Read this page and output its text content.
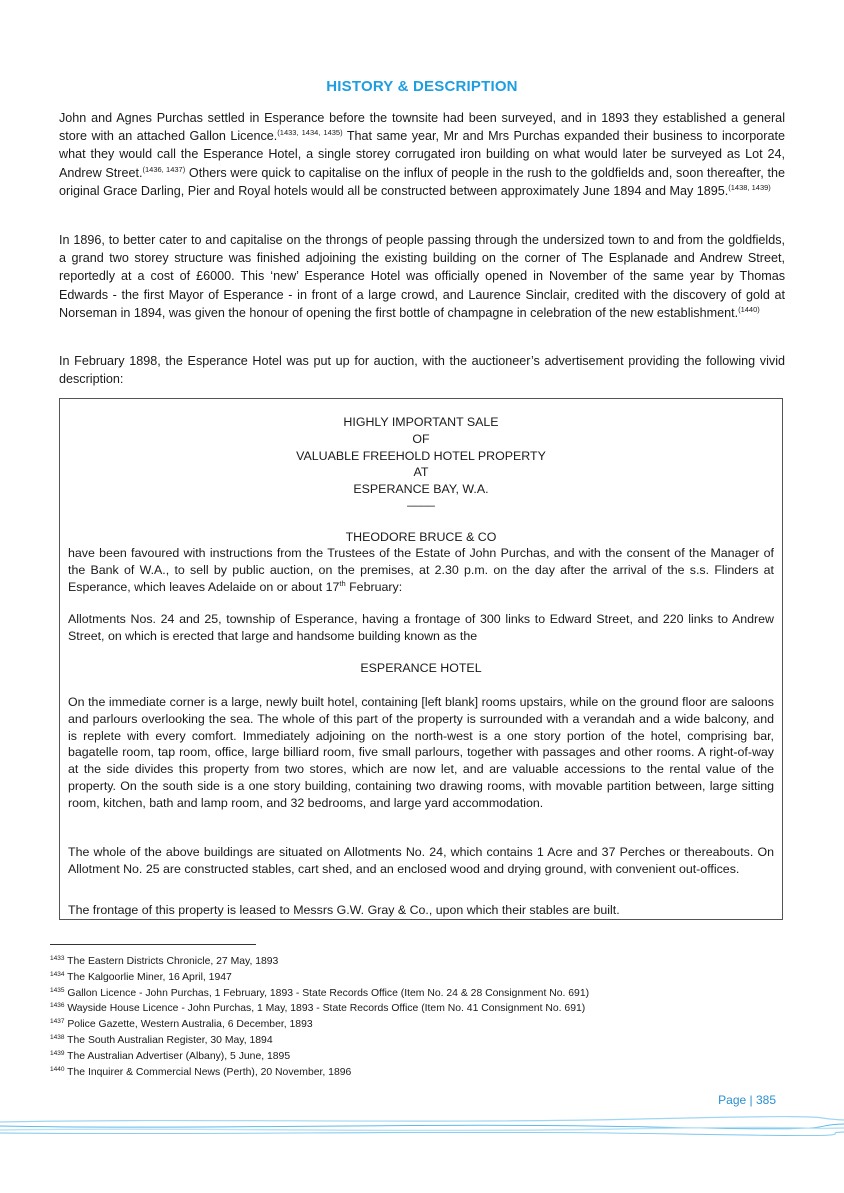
HISTORY & DESCRIPTION

John and Agnes Purchas settled in Esperance before the townsite had been surveyed, and in 1893 they established a general store with an attached Gallon Licence.$^{(1433, 1434, 1435)}$ That same year, Mr and Mrs Purchas expanded their business to incorporate what they would call the Esperance Hotel, a single storey corrugated iron building on what would later be surveyed as Lot 24, Andrew Street.$^{(1436, 1437)}$ Others were quick to capitalise on the influx of people in the rush to the goldfields and, soon thereafter, the original Grace Darling, Pier and Royal hotels would all be constructed between approximately June 1894 and May 1895.$^{(1438, 1439)}$

In 1896, to better cater to and capitalise on the throngs of people passing through the undersized town to and from the goldfields, a grand two storey structure was finished adjoining the existing building on the corner of The Esplanade and Andrew Street, reportedly at a cost of £6000. This ‘new’ Esperance Hotel was officially opened in November of the same year by Thomas Edwards - the first Mayor of Esperance - in front of a large crowd, and Laurence Sinclair, credited with the discovery of gold at Norseman in 1894, was given the honour of opening the first bottle of champagne in celebration of the new establishment.$^{(1440)}$

In February 1898, the Esperance Hotel was put up for auction, with the auctioneer’s advertisement providing the following vivid description:

HIGHLY IMPORTANT SALE
OF
VALUABLE FREEHOLD HOTEL PROPERTY
AT
ESPERANCE BAY, W.A.
____
THEODORE BRUCE & CO

have been favoured with instructions from the Trustees of the Estate of John Purchas, and with the consent of the Manager of the Bank of W.A., to sell by public auction, on the premises, at 2.30 p.m. on the day after the arrival of the s.s. Flinders at Esperance, which leaves Adelaide on or about 17th February:

Allotments Nos. 24 and 25, township of Esperance, having a frontage of 300 links to Edward Street, and 220 links to Andrew Street, on which is erected that large and handsome building known as the

ESPERANCE HOTEL

On the immediate corner is a large, newly built hotel, containing [left blank] rooms upstairs, while on the ground floor are saloons and parlours overlooking the sea. The whole of this part of the property is surrounded with a verandah and a wide balcony, and is replete with every comfort. Immediately adjoining on the north-west is a one story portion of the hotel, comprising bar, bagatelle room, tap room, office, large billiard room, five small parlours, together with passages and other rooms. A right-of-way at the side divides this property from two stores, which are now let, and are valuable accessions to the rental value of the property. On the south side is a one story building, containing two drawing rooms, with movable partition between, large sitting room, kitchen, bath and lamp room, and 32 bedrooms, and large yard accommodation.

The whole of the above buildings are situated on Allotments No. 24, which contains 1 Acre and 37 Perches or thereabouts. On Allotment No. 25 are constructed stables, cart shed, and an enclosed wood and drying ground, with convenient out-offices.

The frontage of this property is leased to Messrs G.W. Gray & Co., upon which their stables are built.

$^{1433}$ The Eastern Districts Chronicle, 27 May, 1893
$^{1434}$ The Kalgoorlie Miner, 16 April, 1947
$^{1435}$ Gallon Licence - John Purchas, 1 February, 1893 - State Records Office (Item No. 24 & 28 Consignment No. 691)
$^{1436}$ Wayside House Licence - John Purchas, 1 May, 1893 - State Records Office (Item No. 41 Consignment No. 691)
$^{1437}$ Police Gazette, Western Australia, 6 December, 1893
$^{1438}$ The South Australian Register, 30 May, 1894
$^{1439}$ The Australian Advertiser (Albany), 5 June, 1895
$^{1440}$ The Inquirer & Commercial News (Perth), 20 November, 1896
Page | 385
